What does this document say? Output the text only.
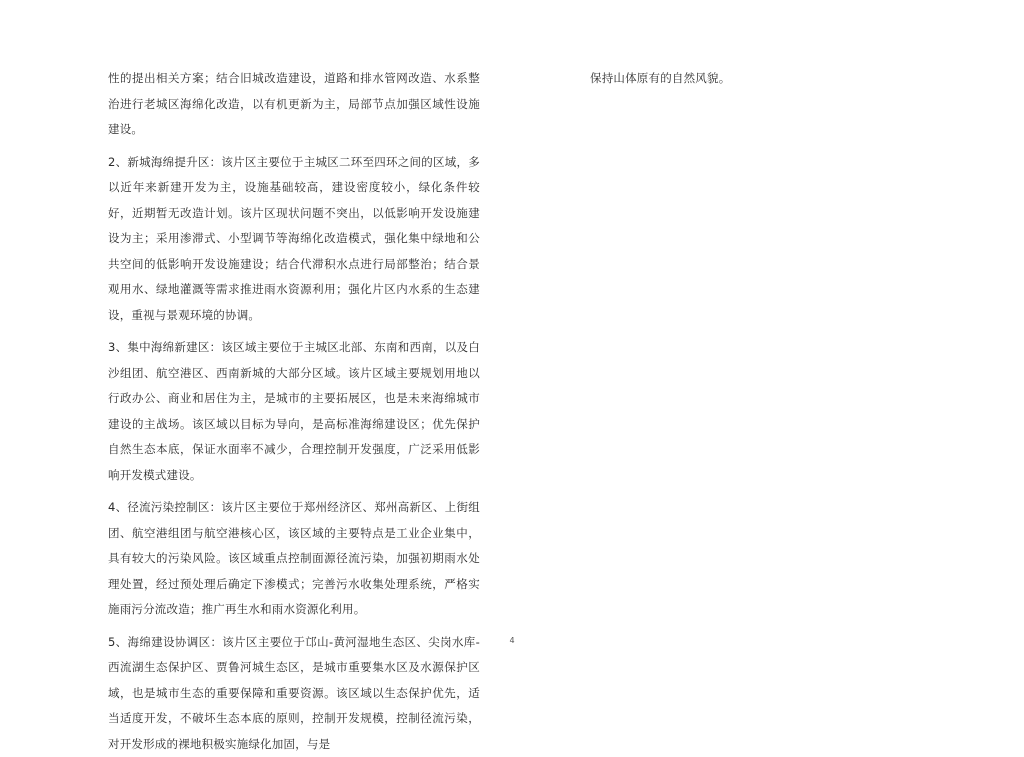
性的提出相关方案；结合旧城改造建设，道路和排水管网改造、水系整治进行老城区海绵化改造，以有机更新为主，局部节点加强区域性设施建设。

2、新城海绵提升区：该片区主要位于主城区二环至四环之间的区域，多以近年来新建开发为主，设施基础较高，建设密度较小，绿化条件较好，近期暂无改造计划。该片区现状问题不突出，以低影响开发设施建设为主；采用渗滞式、小型调节等海绵化改造模式，强化集中绿地和公共空间的低影响开发设施建设；结合代滞积水点进行局部整治；结合景观用水、绿地灌溉等需求推进雨水资源利用；强化片区内水系的生态建设，重视与景观环境的协调。

3、集中海绵新建区：该区域主要位于主城区北部、东南和西南，以及白沙组团、航空港区、西南新城的大部分区域。该片区域主要规划用地以行政办公、商业和居住为主，是城市的主要拓展区，也是未来海绵城市建设的主战场。该区域以目标为导向，是高标准海绵建设区；优先保护自然生态本底，保证水面率不减少，合理控制开发强度，广泛采用低影响开发模式建设。

4、径流污染控制区：该片区主要位于郑州经济区、郑州高新区、上街组团、航空港组团与航空港核心区，该区域的主要特点是工业企业集中，具有较大的污染风险。该区域重点控制面源径流污染，加强初期雨水处理处置，经过预处理后确定下渗模式；完善污水收集处理系统，严格实施雨污分流改造；推广再生水和雨水资源化利用。

5、海绵建设协调区：该片区主要位于邙山-黄河湿地生态区、尖岗水库-西流湖生态保护区、贾鲁河城生态区，是城市重要集水区及水源保护区域，也是城市生态的重要保障和重要资源。该区域以生态保护优先，适当适度开发，不破坏生态本底的原则，控制开发规模，控制径流污染，对开发形成的裸地积极实施绿化加固，与是

保持山体原有的自然风貌。

4
